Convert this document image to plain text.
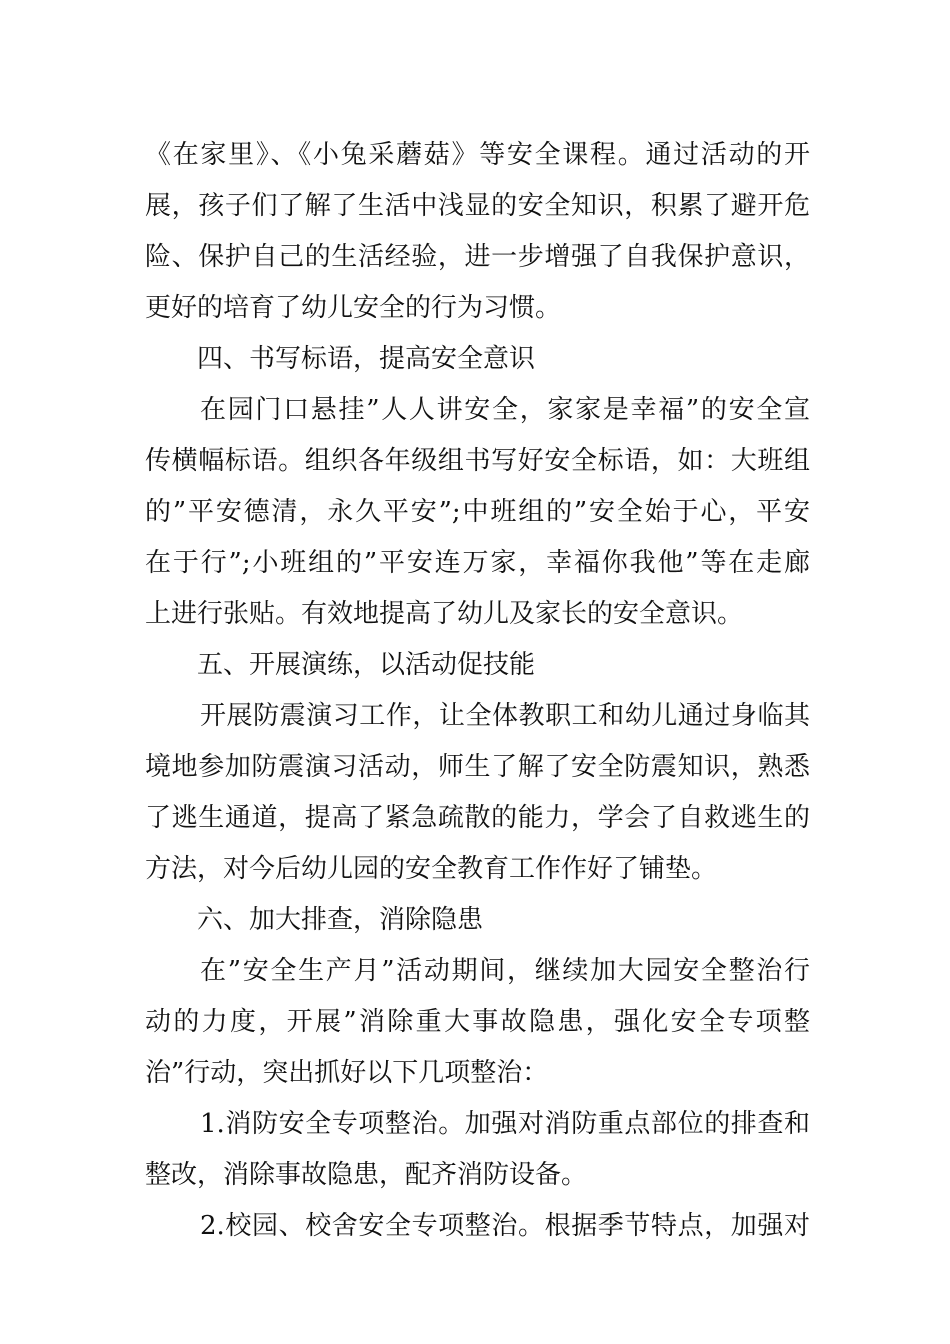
《在家里》、《小兔采蘑菇》等安全课程。通过活动的开
展，孩子们了解了生活中浅显的安全知识，积累了避开危
险、保护自己的生活经验，进一步增强了自我保护意识，
更好的培育了幼儿安全的行为习惯。
四、书写标语，提高安全意识
在园门口悬挂”人人讲安全，家家是幸福”的安全宣
传横幅标语。组织各年级组书写好安全标语，如：大班组
的”平安德清，永久平安”;中班组的”安全始于心，平安
在于行”;小班组的”平安连万家，幸福你我他”等在走廊
上进行张贴。有效地提高了幼儿及家长的安全意识。
五、开展演练，以活动促技能
开展防震演习工作，让全体教职工和幼儿通过身临其
境地参加防震演习活动，师生了解了安全防震知识，熟悉
了逃生通道，提高了紧急疏散的能力，学会了自救逃生的
方法，对今后幼儿园的安全教育工作作好了铺垫。
六、加大排查，消除隐患
在”安全生产月”活动期间，继续加大园安全整治行
动的力度，开展”消除重大事故隐患，强化安全专项整
治”行动，突出抓好以下几项整治：
1.消防安全专项整治。加强对消防重点部位的排查和
整改，消除事故隐患，配齐消防设备。
2.校园、校舍安全专项整治。根据季节特点，加强对
